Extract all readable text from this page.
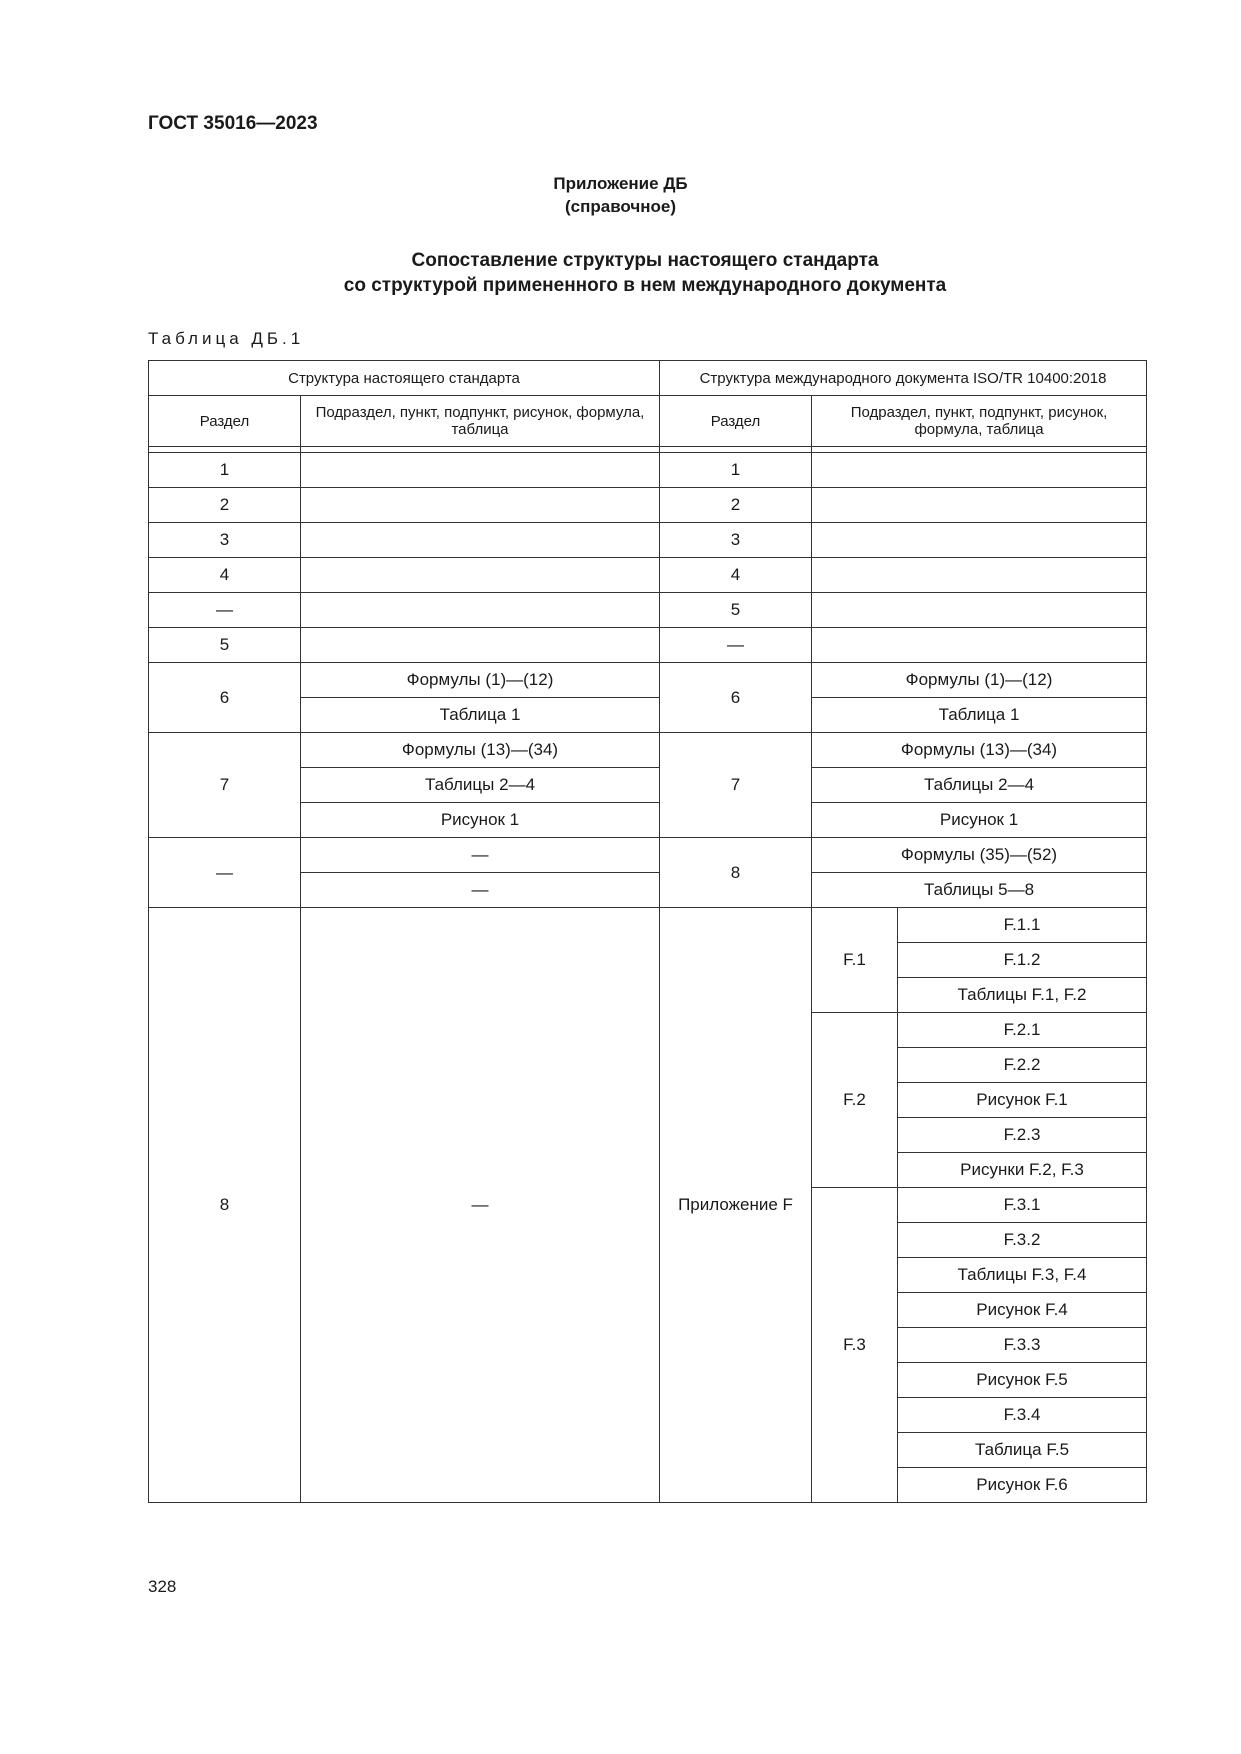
ГОСТ 35016—2023
Приложение ДБ
(справочное)
Сопоставление структуры настоящего стандарта
со структурой примененного в нем международного документа
Таблица ДБ.1
Структура настоящего стандарта		Структура международного документа ISO/TR 10400:2018		
Раздел	Подраздел, пункт, подпункт, рисунок, формула, таблица	Раздел	Подраздел, пункт, подпункт, рисунок, формула, таблица	

1		1		
2		2		
3		3		
4		4		
—		5		
5		—		
6	Формулы (1)—(12)	6	Формулы (1)—(12)	
	Таблица 1		Таблица 1	
7	Формулы (13)—(34)	7	Формулы (13)—(34)	
	Таблицы 2—4		Таблицы 2—4	
	Рисунок 1		Рисунок 1	
—	—	8	Формулы (35)—(52)	
	—		Таблицы 5—8	
8	—	Приложение F	F.1	F.1.1
				F.1.2
				Таблицы F.1, F.2
			F.2	F.2.1
				F.2.2
				Рисунок F.1
				F.2.3
				Рисунки F.2, F.3
			F.3	F.3.1
				F.3.2
				Таблицы F.3, F.4
				Рисунок F.4
				F.3.3
				Рисунок F.5
				F.3.4
				Таблица F.5
				Рисунок F.6
328
